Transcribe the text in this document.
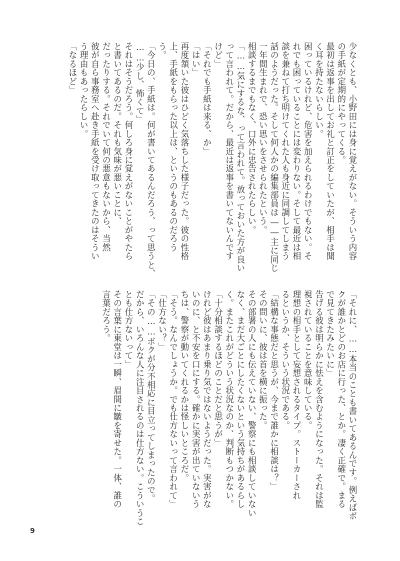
少なくとも、小野田には身に覚えがない。そういう内容
の手紙が定期的にやってくる。
最初は返事を出してお礼と訂正をしていたが、相手は聞
く耳を持たないらしい。
困っているけれど、危害を加えられるわけでもない。そ
れでも困っていることには変わりない。そして最近は相
談を兼ねて打ち明けてくれた人も身近に同調してしまう
話のようだった。そして何人かの編集部員は――主に同じ
一年間生まれで、恐い思いをさせられたという。
相談するまでもなく、口外に忠告されたらしい。
「……気にするな、って言われて。放っておいた方が良い
って言われて。だから、最近は返事を書いてないんです
けど」
「それでも手紙は来る、か」
「はい」
再度頷いた彼はひどく気落ちした様子だった。彼の性格
上、手紙をもらった以上は、というのもあるのだろう
う。
「今日の、手紙は。何が書いてあるんだろう、って思うと、
……少し、怖くて」
それはそうだろう。何しろ身に覚えがないことがやたら
と書いてあるのだ。それも気味が悪いことに、
だったりする。それでいて何の悪意もないから、当然
彼が自ら事務室へ赴き手紙を受け取ってきたのはそうい
う理由もあったらしい。
「なるほど」
「それに、……本当のことも書いてあるんです。例えばボ
クが誰かとどのお店に行った、とか。凄く正確で。まる
で見てきたみたいに」
告げる彼は明らかに怯えを含むようになった。それは監
視されていることを意味している。
理想の相手として妄想されるタイプ。ストーカーされ
るというか、そういう状況である。
「結構な事態だと思うが、今まで誰かに相談は？」
その問いに、彼は首を横に振った。
その部署の人にも伝えていない、警察にも相談していない
なく、まだ大ごとにしたくないという気持ちがあるらし
く。またこれがどういう状況なのか、判断もつかない。
「十分相談するほどのことだと思うが」
けれど彼はあまり乗り気ではないようだった。実害がな
いのに、と不安を口にする。確かに実害が出ていないう
ちは、警察が動いてくれるかは怪しいところだ。
「そう。なんでしょうか。でも仕方ないって言われて」
「仕方ない？」
「その……ボクが分不相応に目立ってしまったので。
だから、いろんな人に注目されるのは仕方ない。こういうこ
とも仕方ないって」
その言葉に東堂は一瞬、眉間に皺を寄せた。一体、誰の
言葉だろう。
9
